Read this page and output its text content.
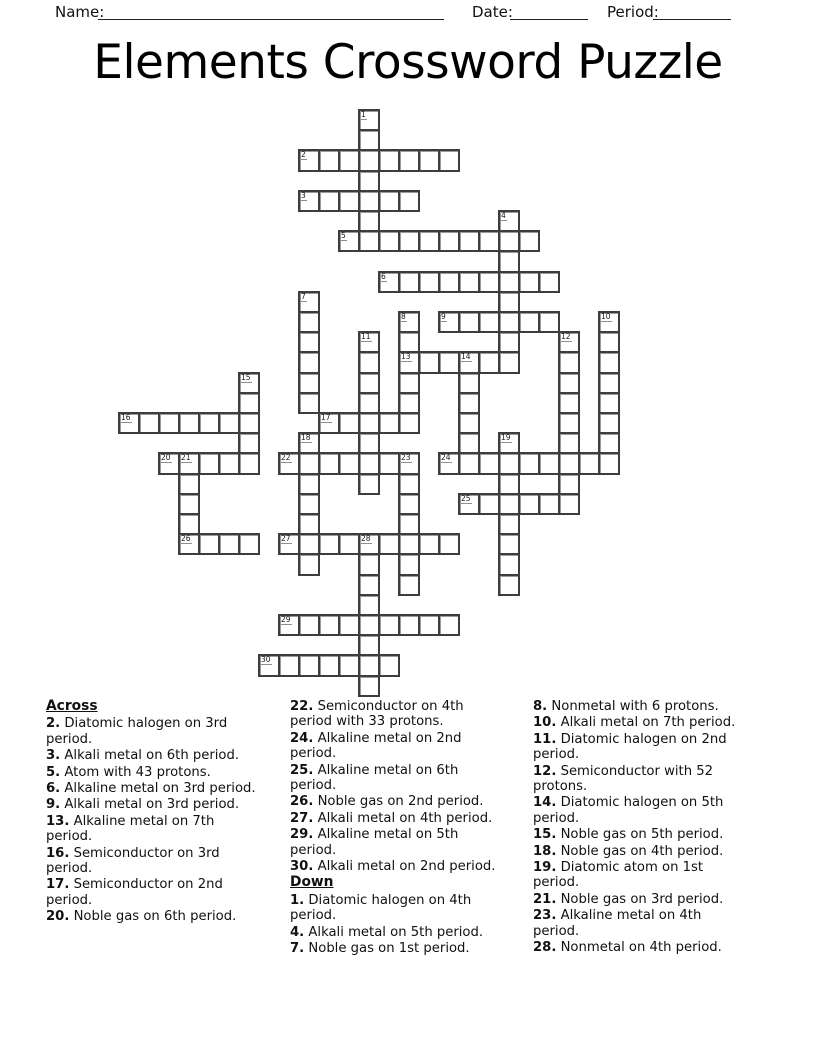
Name:	Date:	Period:
Elements Crossword Puzzle
1
2
3
4
5
6
7
8	9	10
11	12
13	14
15
16	17
18	19
20 21	22	23	24
25
26	27	28
29
30
Across

2. Diatomic halogen on 3rd period.

3. Alkali metal on 6th period.

5. Atom with 43 protons.

6. Alkaline metal on 3rd period.

9. Alkali metal on 3rd period.

13. Alkaline metal on 7th period.

16. Semiconductor on 3rd period.

17. Semiconductor on 2nd period.

20. Noble gas on 6th period.

22. Semiconductor on 4th period with 33 protons.

24. Alkaline metal on 2nd period.

25. Alkaline metal on 6th period.

26. Noble gas on 2nd period.

27. Alkali metal on 4th period.

29. Alkaline metal on 5th period.

30. Alkali metal on 2nd period.

Down

1. Diatomic halogen on 4th period.

4. Alkali metal on 5th period.

7. Noble gas on 1st period.

8. Nonmetal with 6 protons.

10. Alkali metal on 7th period.

11. Diatomic halogen on 2nd period.

12. Semiconductor with 52 protons.

14. Diatomic halogen on 5th period.

15. Noble gas on 5th period.

18. Noble gas on 4th period.

19. Diatomic atom on 1st period.

21. Noble gas on 3rd period.

23. Alkaline metal on 4th period.

28. Nonmetal on 4th period.
